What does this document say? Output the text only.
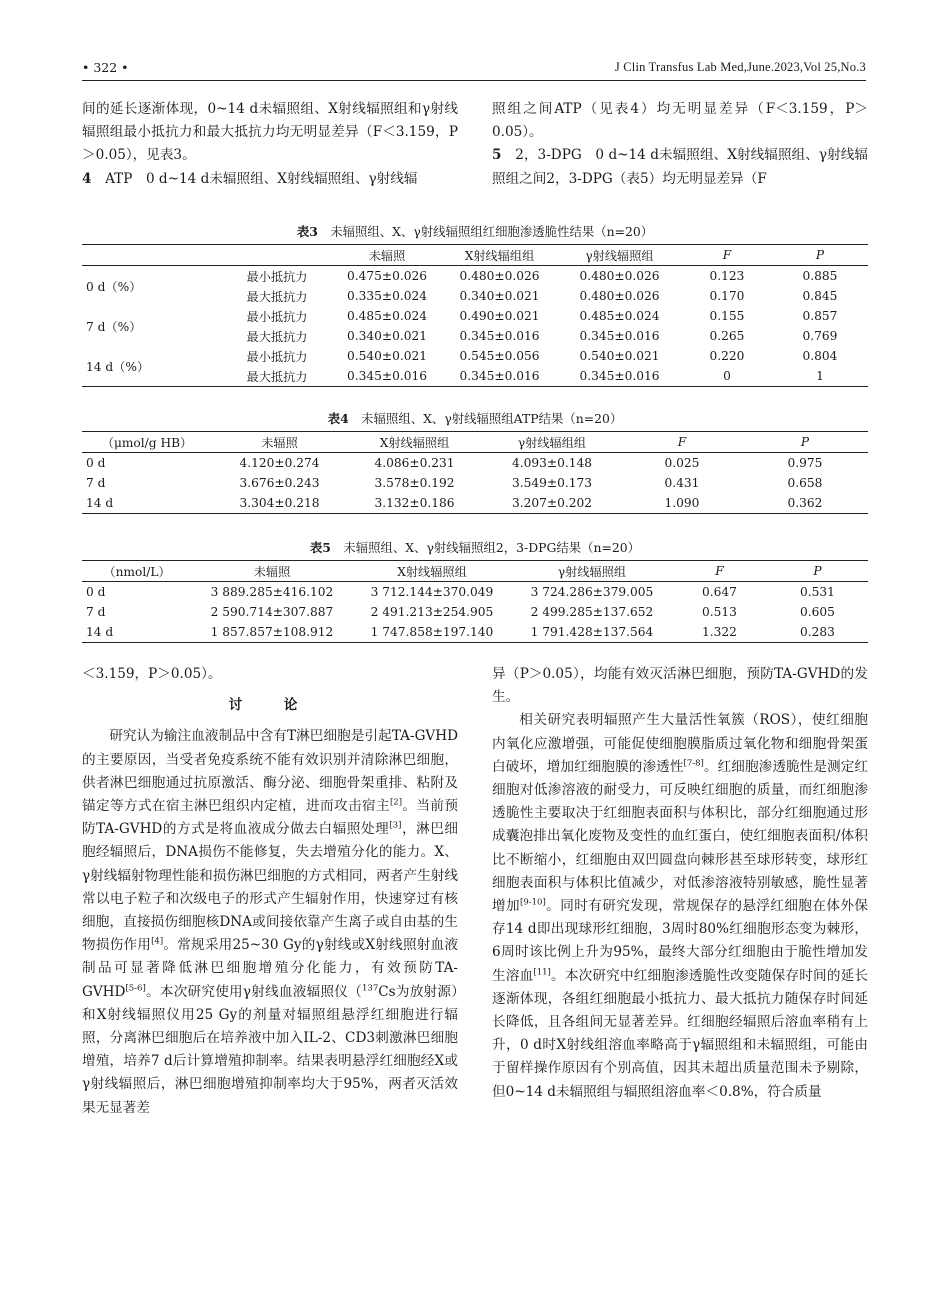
• 322 •	J Clin Transfus Lab Med,June.2023,Vol 25,No.3

间的延长逐渐体现，0~14 d未辐照组、X射线辐照组和γ射线辐照组最小抵抗力和最大抵抗力均无明显差异（F＜3.159，P＞0.05），见表3。

4　 ATP　0 d~14 d未辐照组、X射线辐照组、γ射线辐

照组之间ATP（见表4）均无明显差异（F＜3.159，P＞0.05）。

5　 2，3-DPG　0 d~14 d未辐照组、X射线辐照组、γ射线辐照组之间2，3-DPG（表5）均无明显差异（F

表3　 未辐照组、X、γ射线辐照组红细胞渗透脆性结果（n=20）
		未辐照	X射线辐组组	γ射线辐照组	F	P
0 d（%）	最小抵抗力	0.475±0.026	0.480±0.026	0.480±0.026	0.123	0.885
	最大抵抗力	0.335±0.024	0.340±0.021	0.480±0.026	0.170	0.845
7 d（%）	最小抵抗力	0.485±0.024	0.490±0.021	0.485±0.024	0.155	0.857
	最大抵抗力	0.340±0.021	0.345±0.016	0.345±0.016	0.265	0.769
14 d（%）	最小抵抗力	0.540±0.021	0.545±0.056	0.540±0.021	0.220	0.804
	最大抵抗力	0.345±0.016	0.345±0.016	0.345±0.016	0	1
表4　 未辐照组、X、γ射线辐照组ATP结果（n=20）
（μmol/g HB）	未辐照	X射线辐照组	γ射线辐组组	F	P
0 d	4.120±0.274	4.086±0.231	4.093±0.148	0.025	0.975
7 d	3.676±0.243	3.578±0.192	3.549±0.173	0.431	0.658
14 d	3.304±0.218	3.132±0.186	3.207±0.202	1.090	0.362
表5　 未辐照组、X、γ射线辐照组2，3-DPG结果（n=20）
（nmol/L）	未辐照	X射线辐照组	γ射线辐照组	F	P
0 d	3 889.285±416.102	3 712.144±370.049	3 724.286±379.005	0.647	0.531
7 d	2 590.714±307.887	2 491.213±254.905	2 499.285±137.652	0.513	0.605
14 d	1 857.857±108.912	1 747.858±197.140	1 791.428±137.564	1.322	0.283

＜3.159，P＞0.05）。

讨　论

研究认为输注血液制品中含有T淋巴细胞是引起TA-GVHD的主要原因，当受者免疫系统不能有效识别并清除淋巴细胞，供者淋巴细胞通过抗原激活、酶分泌、细胞骨架重排、粘附及锚定等方式在宿主淋巴组织内定植，进而攻击宿主[2]。当前预防TA-GVHD的方式是将血液成分做去白辐照处理[3]，淋巴细胞经辐照后，DNA损伤不能修复，失去增殖分化的能力。X、γ射线辐射物理性能和损伤淋巴细胞的方式相同，两者产生射线常以电子粒子和次级电子的形式产生辐射作用，快速穿过有核细胞，直接损伤细胞核DNA或间接依靠产生离子或自由基的生物损伤作用[4]。常规采用25~30 Gy的γ射线或X射线照射血液制品可显著降低淋巴细胞增殖分化能力，有效预防TA-GVHD[5-6]。本次研究使用γ射线血液辐照仪（$^{137}$Cs为放射源）和X射线辐照仪用25 Gy的剂量对辐照组悬浮红细胞进行辐照，分离淋巴细胞后在培养液中加入IL-2、CD3刺激淋巴细胞增殖，培养7 d后计算增殖抑制率。结果表明悬浮红细胞经X或γ射线辐照后，淋巴细胞增殖抑制率均大于95%，两者灭活效果无显著差

异（P＞0.05），均能有效灭活淋巴细胞，预防TA-GVHD的发生。

相关研究表明辐照产生大量活性氧簇（ROS），使红细胞内氧化应激增强，可能促使细胞膜脂质过氧化物和细胞骨架蛋白破坏，增加红细胞膜的渗透性[7-8]。红细胞渗透脆性是测定红细胞对低渗溶液的耐受力，可反映红细胞的质量，而红细胞渗透脆性主要取决于红细胞表面积与体积比，部分红细胞通过形成囊泡排出氧化废物及变性的血红蛋白，使红细胞表面积/体积比不断缩小，红细胞由双凹圆盘向棘形甚至球形转变，球形红细胞表面积与体积比值减少，对低渗溶液特别敏感，脆性显著增加[9-10]。同时有研究发现，常规保存的悬浮红细胞在体外保存14 d即出现球形红细胞，3周时80%红细胞形态变为棘形，6周时该比例上升为95%，最终大部分红细胞由于脆性增加发生溶血[11]。本次研究中红细胞渗透脆性改变随保存时间的延长逐渐体现，各组红细胞最小抵抗力、最大抵抗力随保存时间延长降低，且各组间无显著差异。红细胞经辐照后溶血率稍有上升，0 d时X射线组溶血率略高于γ辐照组和未辐照组，可能由于留样操作原因有个别高值，因其未超出质量范围未予剔除，但0~14 d未辐照组与辐照组溶血率＜0.8%，符合质量
